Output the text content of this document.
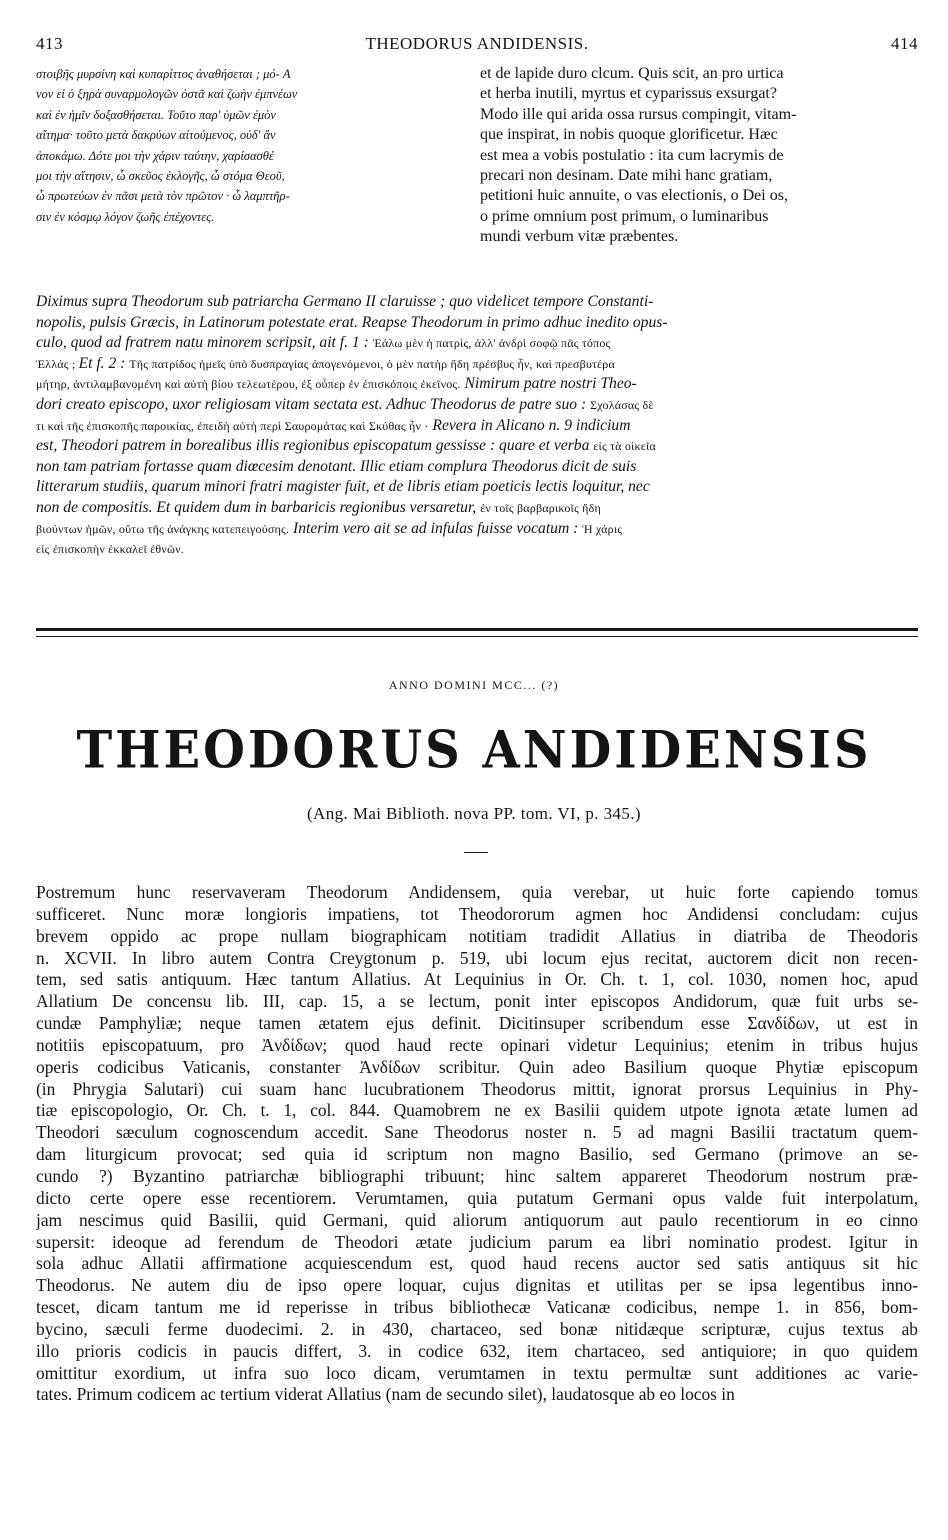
413	THEODORUS ANDIDENSIS.	414
στοιβῆς μυρσίνη καὶ κυπαρίττος ἀναθήσεται ; μό- A
νον εἰ ὁ ξηρὰ συναρμολογῶν ὀστᾶ καὶ ζωὴν ἐμπνέων
καὶ ἐν ἡμῖν δοξασθήσεται. Τοῦτο παρ' ὑμῶν ἐμὸν
αἴτημα· τοῦτο μετὰ δακρύων αἰτούμενος, οὐδ' ἂν
ἀποκάμω. Δότε μοι τὴν χάριν ταύτην, χαρίσασθέ
μοι τὴν αἴτησιν, ὦ σκεῦος ἐκλογῆς, ὦ στόμα Θεοῦ,
ὦ πρωτεύων ἐν πᾶσι μετὰ τὸν πρῶτον · ὦ λαμπτῆρ-
σιν ἐν κόσμῳ λόγον ζωῆς ἐπέχοντες.
et de lapide duro clcum. Quis scit, an pro urtica
et herba inutili, myrtus et cyparissus exsurgat?
Modo ille qui arida ossa rursus compingit, vitam-
que inspirat, in nobis quoque glorificetur. Hæc
est mea a vobis postulatio : ita cum lacrymis de
precari non desinam. Date mihi hanc gratiam,
petitioni huic annuite, o vas electionis, o Dei os,
o prime omnium post primum, o luminaribus
mundi verbum vitæ præbentes.
Diximus supra Theodorum sub patriarcha Germano II claruisse ; quo videlicet tempore Constanti-
nopolis, pulsis Græcis, in Latinorum potestate erat. Reapse Theodorum in primo adhuc inedito opus-
culo, quod ad fratrem natu minorem scripsit, ait f. 1 : Ἐάλω μὲν ἡ πατρὶς, ἀλλ' ἀνδρὶ σοφῷ πᾶς τόπος
Ἑλλάς ; Et f. 2 : Τῆς πατρίδος ἡμεῖς ὑπὸ δυσπραγίας ἀπογενόμενοι, ὁ μὲν πατὴρ ἤδη πρέσβυς ἦν, καὶ πρεσβυτέρα
μήτηρ, ἀντιλαμβανομένη καὶ αὐτὴ βίου τελεωτέρου, ἐξ οὗπερ ἐν ἐπισκόποις ἐκεῖνος. Nimirum patre nostri Theo-
dori creato episcopo, uxor religiosam vitam sectata est. Adhuc Theodorus de patre suo : Σχολάσας δὲ
τι καὶ τῆς ἐπισκοπῆς παροικίας, ἐπειδὴ αὐτὴ περὶ Σαυρομάτας καὶ Σκύθας ἦν · Revera in Alicano n. 9 indicium
est, Theodori patrem in borealibus illis regionibus episcopatum gessisse : quare et verba εἰς τὰ οἰκεῖα
non tam patriam fortasse quam diœcesim denotant. Illic etiam complura Theodorus dicit de suis
litterarum studiis, quarum minori fratri magister fuit, et de libris etiam poeticis lectis loquitur, nec
non de compositis. Et quidem dum in barbaricis regionibus versaretur, ἐν τοῖς βαρβαρικοῖς ἤδη
βιούντων ἡμῶν, οὕτω τῆς ἀνάγκης κατεπειγούσης. Interim vero ait se ad infulas fuisse vocatum : Ἡ χάρις
εἰς ἐπισκοπὴν ἐκκαλεῖ ἐθνῶν.
ANNO DOMINI MCC... (?)
THEODORUS ANDIDENSIS
(Ang. Mai Biblioth. nova PP. tom. VI, p. 345.)
Postremum hunc reservaveram Theodorum Andidensem, quia verebar, ut huic forte capiendo tomus
sufficeret. Nunc moræ longioris impatiens, tot Theodororum agmen hoc Andidensi concludam: cujus
brevem oppido ac prope nullam biographicam notitiam tradidit Allatius in diatriba de Theodoris
n. XCVII. In libro autem Contra Creygtonum p. 519, ubi locum ejus recitat, auctorem dicit non recen-
tem, sed satis antiquum. Hæc tantum Allatius. At Lequinius in Or. Ch. t. 1, col. 1030, nomen hoc, apud
Allatium De concensu lib. III, cap. 15, a se lectum, ponit inter episcopos Andidorum, quæ fuit urbs se-
cundæ Pamphyliæ; neque tamen ætatem ejus definit. Dicitinsuper scribendum esse Σανδίδων, ut est in
notitiis episcopatuum, pro Ἀνδίδων; quod haud recte opinari videtur Lequinius; etenim in tribus hujus
operis codicibus Vaticanis, constanter Ἀνδίδων scribitur. Quin adeo Basilium quoque Phytiæ episcopum
(in Phrygia Salutari) cui suam hanc lucubrationem Theodorus mittit, ignorat prorsus Lequinius in Phy-
tiæ episcopologio, Or. Ch. t. 1, col. 844. Quamobrem ne ex Basilii quidem utpote ignota ætate lumen ad
Theodori sæculum cognoscendum accedit. Sane Theodorus noster n. 5 ad magni Basilii tractatum quem-
dam liturgicum provocat; sed quia id scriptum non magno Basilio, sed Germano (primove an se-
cundo ?) Byzantino patriarchæ bibliographi tribuunt; hinc saltem appareret Theodorum nostrum præ-
dicto certe opere esse recentiorem. Verumtamen, quia putatum Germani opus valde fuit interpolatum,
jam nescimus quid Basilii, quid Germani, quid aliorum antiquorum aut paulo recentiorum in eo cinno
supersit: ideoque ad ferendum de Theodori ætate judicium parum ea libri nominatio prodest. Igitur in
sola adhuc Allatii affirmatione acquiescendum est, quod haud recens auctor sed satis antiquus sit hic
Theodorus. Ne autem diu de ipso opere loquar, cujus dignitas et utilitas per se ipsa legentibus inno-
tescet, dicam tantum me id reperisse in tribus bibliothecæ Vaticanæ codicibus, nempe 1. in 856, bom-
bycino, sæculi ferme duodecimi. 2. in 430, chartaceo, sed bonæ nitidæque scripturæ, cujus textus ab
illo prioris codicis in paucis differt, 3. in codice 632, item chartaceo, sed antiquiore; in quo quidem
omittitur exordium, ut infra suo loco dicam, verumtamen in textu permultæ sunt additiones ac varie-
tates. Primum codicem ac tertium viderat Allatius (nam de secundo silet), laudatosque ab eo locos in
